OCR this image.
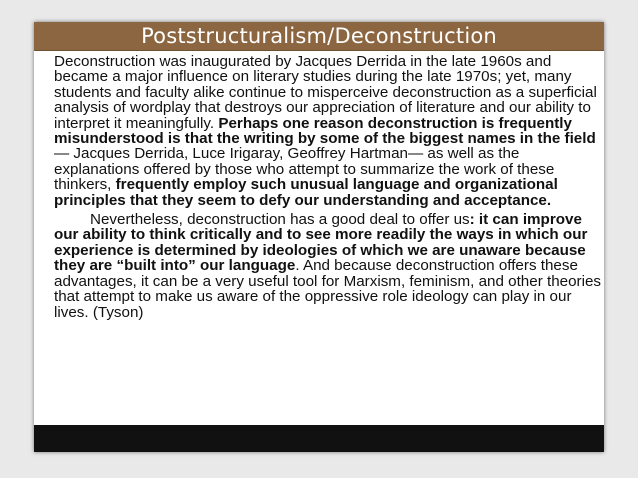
Poststructuralism/Deconstruction

Deconstruction was inaugurated by Jacques Derrida in the late 1960s and became a major influence on literary studies during the late 1970s; yet, many students and faculty alike continue to misperceive deconstruction as a superficial analysis of wordplay that destroys our appreciation of literature and our ability to interpret it meaningfully. Perhaps one reason deconstruction is frequently misunderstood is that the writing by some of the biggest names in the field— Jacques Derrida, Luce Irigaray, Geoffrey Hartman— as well as the explanations offered by those who attempt to summarize the work of these thinkers, frequently employ such unusual language and organizational principles that they seem to defy our understanding and acceptance.

Nevertheless, deconstruction has a good deal to offer us: it can improve our ability to think critically and to see more readily the ways in which our experience is determined by ideologies of which we are unaware because they are “built into” our language. And because deconstruction offers these advantages, it can be a very useful tool for Marxism, feminism, and other theories that attempt to make us aware of the oppressive role ideology can play in our lives. (Tyson)
